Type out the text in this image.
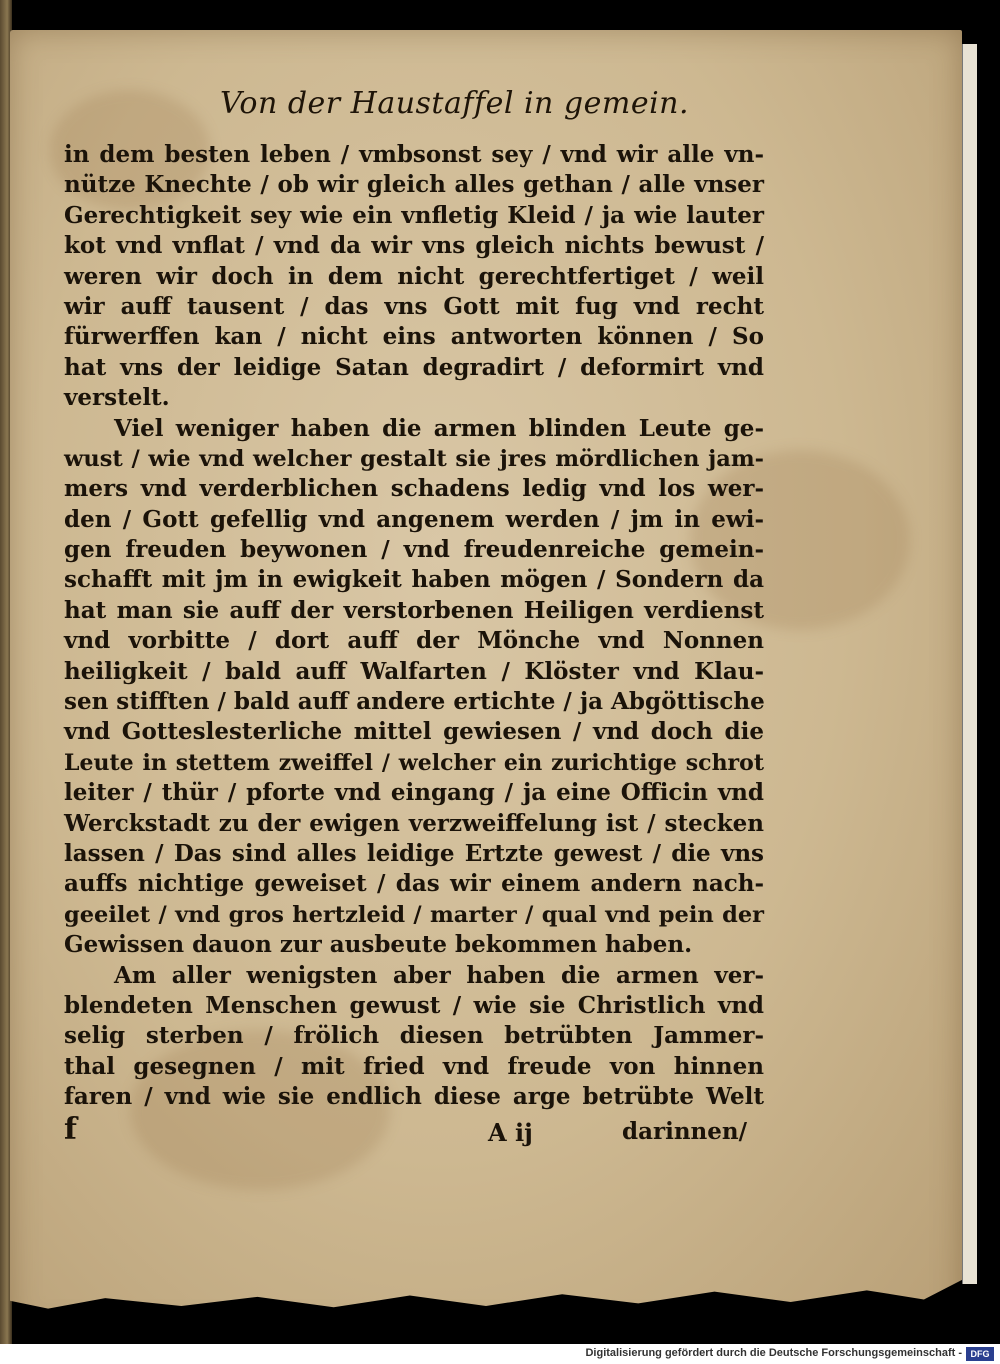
Von der Haustaffel in gemein.
in dem besten leben / vmbsonst sey / vnd wir alle vn-
nütze Knechte / ob wir gleich alles gethan / alle vnser
Gerechtigkeit sey wie ein vnfletig Kleid / ja wie lauter
kot vnd vnflat / vnd da wir vns gleich nichts bewust /
weren wir doch in dem nicht gerechtfertiget / weil
wir auff tausent / das vns Gott mit fug vnd recht
fürwerffen kan / nicht eins antworten können / So
hat vns der leidige Satan degradirt / deformirt vnd
verstelt.
Viel weniger haben die armen blinden Leute ge-
wust / wie vnd welcher gestalt sie jres mördlichen jam-
mers vnd verderblichen schadens ledig vnd los wer-
den / Gott gefellig vnd angenem werden / jm in ewi-
gen freuden beywonen / vnd freudenreiche gemein-
schafft mit jm in ewigkeit haben mögen / Sondern da
hat man sie auff der verstorbenen Heiligen verdienst
vnd vorbitte / dort auff der Mönche vnd Nonnen
heiligkeit / bald auff Walfarten / Klöster vnd Klau-
sen stifften / bald auff andere ertichte / ja Abgöttische
vnd Gotteslesterliche mittel gewiesen / vnd doch die
Leute in stettem zweiffel / welcher ein zurichtige schrot
leiter / thür / pforte vnd eingang / ja eine Officin vnd
Werckstadt zu der ewigen verzweiffelung ist / stecken
lassen / Das sind alles leidige Ertzte gewest / die vns
auffs nichtige geweiset / das wir einem andern nach-
geeilet / vnd gros hertzleid / marter / qual vnd pein der
Gewissen dauon zur ausbeute bekommen haben.
Am aller wenigsten aber haben die armen ver-
blendeten Menschen gewust / wie sie Christlich vnd
selig sterben / frölich diesen betrübten Jammer-
thal gesegnen / mit fried vnd freude von hinnen
faren / vnd wie sie endlich diese arge betrübte Welt
f	A ij	darinnen/
Digitalisierung gefördert durch die Deutsche Forschungsgemeinschaft - DFG
